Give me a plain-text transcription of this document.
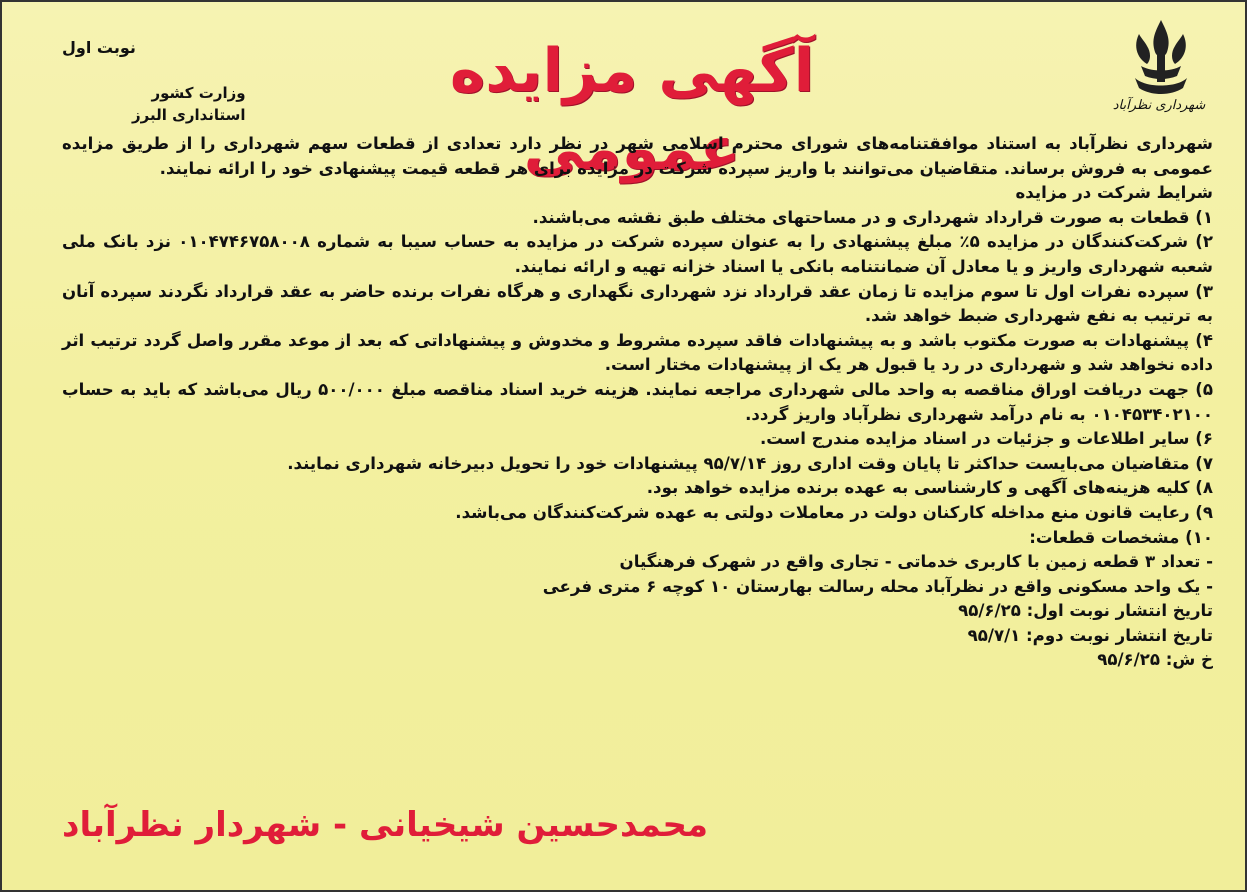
شهرداری نظرآباد
آگهی مزایده عمومی
نوبت اول
وزارت کشور
استانداری البرز

شهرداری نظرآباد به استناد موافقتنامه‌های شورای محترم اسلامی شهر در نظر دارد تعدادی از قطعات سهم شهرداری را از طریق مزایده عمومی به فروش برساند. متقاضیان می‌توانند با واریز سپرده شرکت در مزایده برای هر قطعه قیمت پیشنهادی خود را ارائه نمایند.

شرایط شرکت در مزایده

۱) قطعات به صورت قرارداد شهرداری و در مساحتهای مختلف طبق نقشه می‌باشند.

۲) شرکت‌کنندگان در مزایده ۵٪ مبلغ پیشنهادی را به عنوان سپرده شرکت در مزایده به حساب سیبا به شماره ۰۱۰۴۷۴۶۷۵۸۰۰۸ نزد بانک ملی شعبه شهرداری واریز و یا معادل آن ضمانتنامه بانکی یا اسناد خزانه تهیه و ارائه نمایند.

۳) سپرده نفرات اول تا سوم مزایده تا زمان عقد قرارداد نزد شهرداری نگهداری و هرگاه نفرات برنده حاضر به عقد قرارداد نگردند سپرده آنان به ترتیب به نفع شهرداری ضبط خواهد شد.

۴) پیشنهادات به صورت مکتوب باشد و به پیشنهادات فاقد سپرده مشروط و مخدوش و پیشنهاداتی که بعد از موعد مقرر واصل گردد ترتیب اثر داده نخواهد شد و شهرداری در رد یا قبول هر یک از پیشنهادات مختار است.

۵) جهت دریافت اوراق مناقصه به واحد مالی شهرداری مراجعه نمایند. هزینه خرید اسناد مناقصه مبلغ ۵۰۰/۰۰۰ ریال می‌باشد که باید به حساب ۰۱۰۴۵۳۴۰۲۱۰۰ به نام درآمد شهرداری نظرآباد واریز گردد.

۶) سایر اطلاعات و جزئیات در اسناد مزایده مندرج است.

۷) متقاضیان می‌بایست حداکثر تا پایان وقت اداری روز ۹۵/۷/۱۴ پیشنهادات خود را تحویل دبیرخانه شهرداری نمایند.

۸) کلیه هزینه‌های آگهی و کارشناسی به عهده برنده مزایده خواهد بود.

۹) رعایت قانون منع مداخله کارکنان دولت در معاملات دولتی به عهده شرکت‌کنندگان می‌باشد.

۱۰) مشخصات قطعات:

- تعداد ۳ قطعه زمین با کاربری خدماتی - تجاری واقع در شهرک فرهنگیان

- یک واحد مسکونی واقع در نظرآباد محله رسالت بهارستان ۱۰ کوچه ۶ متری فرعی

تاریخ انتشار نوبت اول: ۹۵/۶/۲۵

تاریخ انتشار نوبت دوم: ۹۵/۷/۱

خ ش: ۹۵/۶/۲۵

محمدحسین شیخیانی - شهردار نظرآباد
